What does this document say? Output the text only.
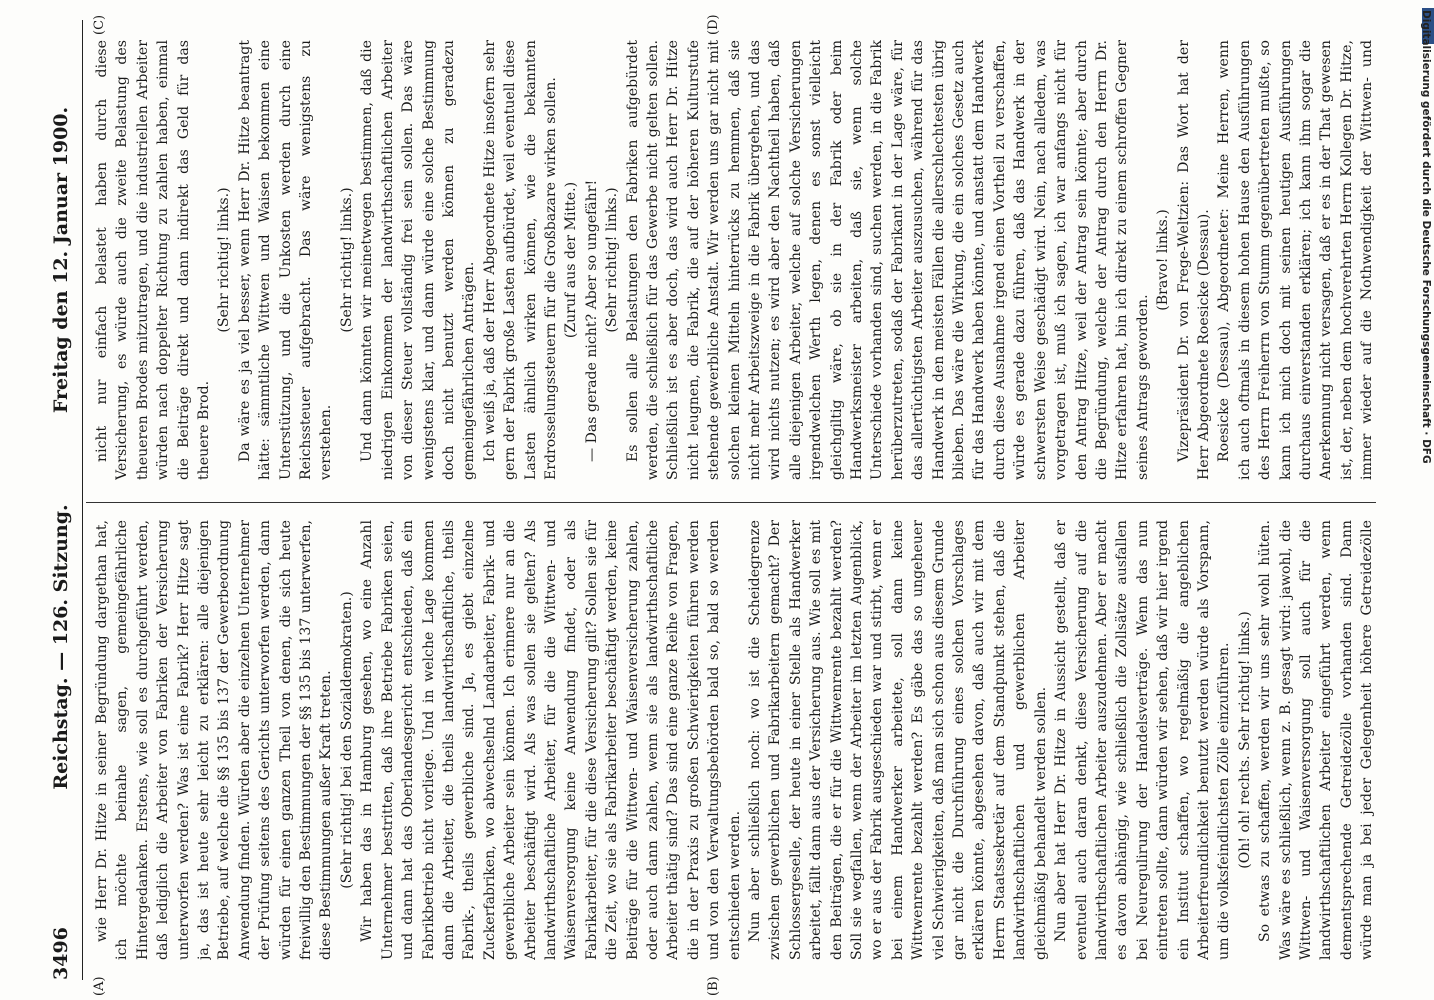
3496
Reichstag. — 126. Sitzung.
Freitag den 12. Januar 1900.

wie Herr Dr. Hitze in seiner Begründung dargethan hat, ich möchte beinahe sagen, gemeingefährliche Hintergedanken. Erstens, wie soll es durchgeführt werden, daß lediglich die Arbeiter von Fabriken der Versicherung unterworfen werden? Was ist eine Fabrik? Herr Hitze sagt ja, das ist heute sehr leicht zu erklären: alle diejenigen Betriebe, auf welche die §§ 135 bis 137 der Gewerbeordnung Anwendung finden. Würden aber die einzelnen Unternehmer der Prüfung seitens des Gerichts unterworfen werden, dann würden für einen ganzen Theil von denen, die sich heute freiwillig den Bestimmungen der §§ 135 bis 137 unterwerfen, diese Bestimmungen außer Kraft treten. (Sehr richtig! bei den Sozialdemokraten.) Wir haben das in Hamburg gesehen, wo eine Anzahl Unternehmer bestritten, daß ihre Betriebe Fabriken seien, und dann hat das Oberlandesgericht entschieden, daß ein Fabrikbetrieb nicht vorliege. Und in welche Lage kommen dann die Arbeiter, die theils landwirthschaftliche, theils Fabrik-, theils gewerbliche sind. Ja, es giebt einzelne Zuckerfabriken, wo abwechselnd Landarbeiter, Fabrik- und gewerbliche Arbeiter sein können. Ich erinnere nur an die Arbeiter beschäftigt wird. Als was sollen sie gelten? Als landwirthschaftliche Arbeiter, für die die Wittwen- und Waisenversorgung keine Anwendung findet, oder als Fabrikarbeiter, für die diese Versicherung gilt? Sollen sie für die Zeit, wo sie als Fabrikarbeiter beschäftigt werden, keine Beiträge für die Wittwen- und Waisenversicherung zahlen, oder auch dann zahlen, wenn sie als landwirthschaftliche Arbeiter thätig sind? Das sind eine ganze Reihe von Fragen, die in der Praxis zu großen Schwierigkeiten führen werden und von den Verwaltungsbehörden bald so, bald so werden entschieden werden. Nun aber schließlich noch: wo ist die Scheidegrenze zwischen gewerblichen und Fabrikarbeitern gemacht? Der Schlossergeselle, der heute in einer Stelle als Handwerker arbeitet, fällt dann aus der Versicherung aus. Wie soll es mit den Beiträgen, die er für die Wittwenrente bezahlt werden? Soll sie wegfallen, wenn der Arbeiter im letzten Augenblick, wo er aus der Fabrik ausgeschieden war und stirbt, wenn er bei einem Handwerker arbeitete, soll dann keine Wittwenrente bezahlt werden? Es gäbe das so ungeheuer viel Schwierigkeiten, daß man sich schon aus diesem Grunde gar nicht die Durchführung eines solchen Vorschlages erklären könnte, abgesehen davon, daß auch wir mit dem Herrn Staatssekretär auf dem Standpunkt stehen, daß die landwirthschaftlichen und gewerblichen Arbeiter gleichmäßig behandelt werden sollen. Nun aber hat Herr Dr. Hitze in Aussicht gestellt, daß er eventuell auch daran denkt, diese Versicherung auf die landwirthschaftlichen Arbeiter auszudehnen. Aber er macht es davon abhängig, wie schließlich die Zollsätze ausfallen bei Neuregulirung der Handelsverträge. Wenn das nun eintreten sollte, dann würden wir sehen, daß wir hier irgend ein Institut schaffen, wo regelmäßig die angeblichen Arbeiterfreundlichkeit benutzt werden würde als Vorspann, um die volksfeindlichsten Zölle einzuführen. (Oh! oh! rechts. Sehr richtig! links.)

So etwas zu schaffen, werden wir uns sehr wohl hüten. Was wäre es schließlich, wenn z. B. gesagt wird: jawohl, die Wittwen- und Waisenversorgung soll auch für die landwirthschaftlichen Arbeiter eingeführt werden, wenn dementsprechende Getreidezölle vorhanden sind. Dann würde man ja bei jeder Gelegenheit höhere Getreidezölle

nicht nur einfach belastet haben durch diese Versicherung, es würde auch die zweite Belastung des theueren Brodes mitzutragen, und die industriellen Arbeiter würden nach doppelter Richtung zu zahlen haben, einmal die Beiträge direkt und dann indirekt das Geld für das theuere Brod.

(Sehr richtig! links.) Da wäre es ja viel besser, wenn Herr Dr. Hitze beantragt hätte: sämmtliche Wittwen und Waisen bekommen eine Unterstützung, und die Unkosten werden durch eine Reichssteuer aufgebracht. Das wäre wenigstens zu verstehen.

(Sehr richtig! links.) Und dann könnten wir meinetwegen bestimmen, daß die niedrigen Einkommen der landwirthschaftlichen Arbeiter von dieser Steuer vollständig frei sein sollen. Das wäre wenigstens klar, und dann würde eine solche Bestimmung doch nicht benutzt werden können zu geradezu gemeingefährlichen Anträgen. Ich weiß ja, daß der Herr Abgeordnete Hitze insofern sehr gern der Fabrik große Lasten aufbürdet, weil eventuell diese Lasten ähnlich wirken können, wie die bekannten Erdrosselungssteuern für die Großbazare wirken sollen. (Zuruf aus der Mitte.) — Das gerade nicht? Aber so ungefähr! (Sehr richtig! links.) Es sollen alle Belastungen den Fabriken aufgebürdet werden, die schließlich für das Gewerbe nicht gelten sollen. Schließlich ist es aber doch, das wird auch Herr Dr. Hitze nicht leugnen, die Fabrik, die auf der höheren Kulturstufe stehende gewerbliche Anstalt. Wir werden uns gar nicht mit solchen kleinen Mitteln hinterrücks zu hemmen, daß sie nicht mehr Arbeitszweige in die Fabrik übergehen, und das wird nichts nutzen; es wird aber den Nachtheil haben, daß alle diejenigen Arbeiter, welche auf solche Versicherungen irgendwelchen Werth legen, denen es sonst vielleicht gleichgiltig wäre, ob sie in der Fabrik oder beim Handwerksmeister arbeiten, daß sie, wenn solche Unterschiede vorhanden sind, suchen werden, in die Fabrik herüberzutreten, sodaß der Fabrikant in der Lage wäre, für das allertüchtigsten Arbeiter auszusuchen, während für das Handwerk in den meisten Fällen die allerschlechtesten übrig blieben. Das wäre die Wirkung, die ein solches Gesetz auch für das Handwerk haben könnte, und anstatt dem Handwerk durch diese Ausnahme irgend einen Vortheil zu verschaffen, würde es gerade dazu führen, daß das Handwerk in der schwersten Weise geschädigt wird. Nein, nach alledem, was vorgetragen ist, muß ich sagen, ich war anfangs nicht für den Antrag Hitze, weil der Antrag sein könnte; aber durch die Begründung, welche der Antrag durch den Herrn Dr. Hitze erfahren hat, bin ich direkt zu einem schroffen Gegner seines Antrags geworden.

(Bravo! links.) Vizepräsident Dr. von Frege-Weltzien: Das Wort hat der Herr Abgeordnete Roesicke (Dessau). Roesicke (Dessau), Abgeordneter: Meine Herren, wenn ich auch oftmals in diesem hohen Hause den Ausführungen des Herrn Freiherrn von Stumm gegenübertreten mußte, so kann ich mich doch mit seinen heutigen Ausführungen durchaus einverstanden erklären; ich kann ihm sogar die Anerkennung nicht versagen, daß er es in der That gewesen ist, der, neben dem hochverehrten Herrn Kollegen Dr. Hitze, immer wieder auf die Nothwendigkeit der Wittwen- und

(A)	(B)
(C)	(D)	Digitalisierung gefördert durch die Deutsche Forschungsgemeinschaft · DFG
